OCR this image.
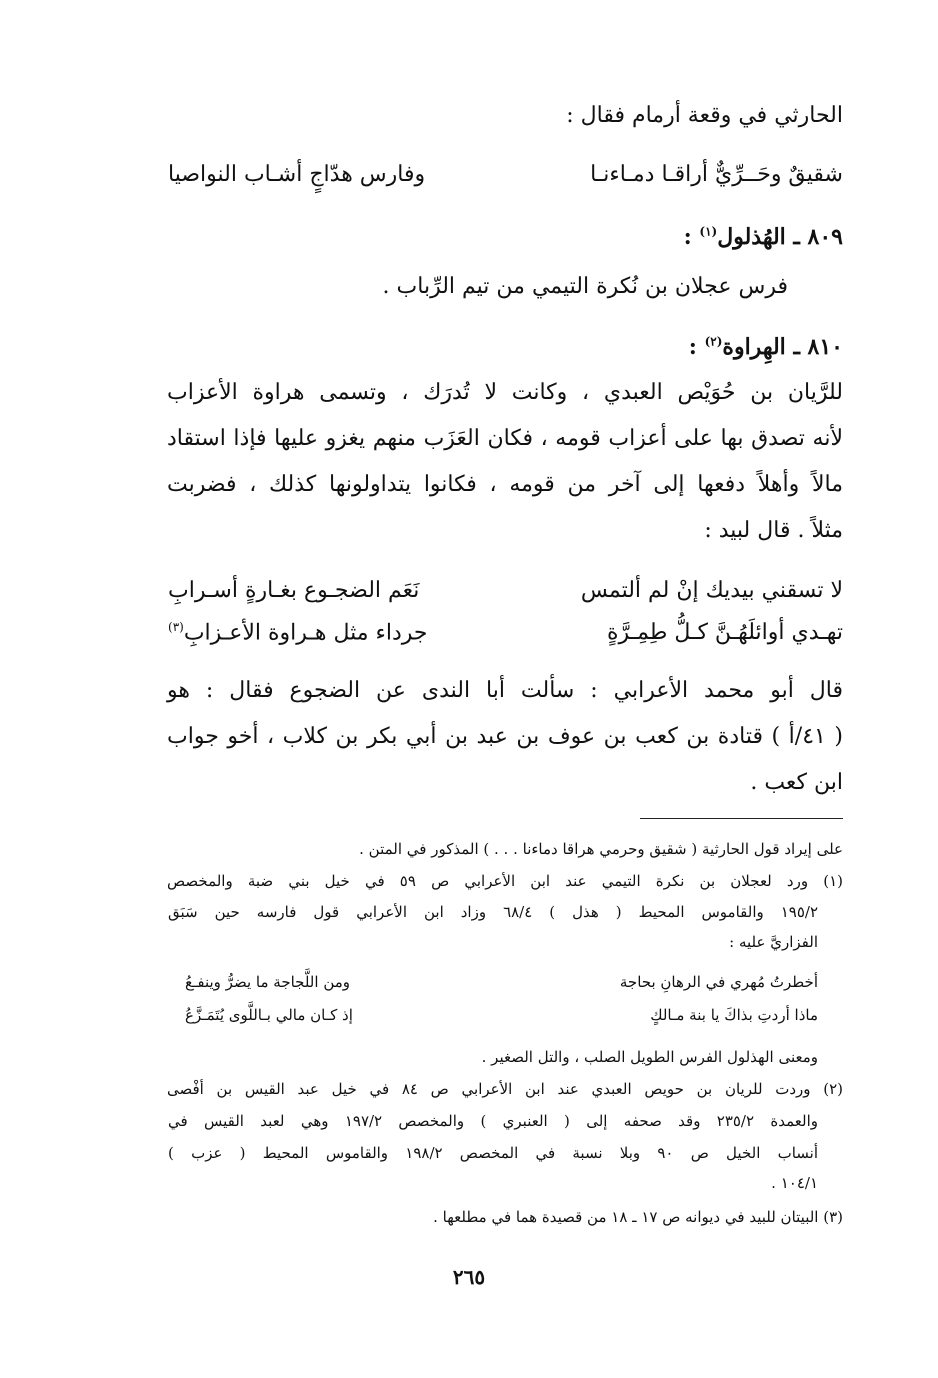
الحارثي في وقعة أرمام فقال :
شقيقٌ وحَــرِّيٌّ أراقـا دمـاءنـا
وفارس هدّاجٍ أشـاب النواصيا
٨٠٩ ـ الهُذلول$^{(١)}$ :
فرس عجلان بن نُكرة التيمي من تيم الرِّباب .
٨١٠ ـ الهِراوة$^{(٢)}$ :
للرَّيان بن حُوَيْص العبدي ، وكانت لا تُدرَك ، وتسمى هراوة الأعزاب
لأنه تصدق بها على أعزاب قومه ، فكان العَزَب منهم يغزو عليها فإذا استقاد
مالاً وأهلاً دفعها إلى آخر من قومه ، فكانوا يتداولونها كذلك ، فضربت
مثلاً . قال لبيد :
لا تسقني بيديك إنْ لم ألتمس
نَعَم الضجـوع بغـارةٍ أسـرابِ
تهـدي أوائلَهُـنَّ كـلُّ طِمِـرَّةٍ
جرداء مثل هـراوة الأعـزابِ$^{(٣)}$
قال أبو محمد الأعرابي : سألت أبا الندى عن الضجوع فقال : هو
( ٤١/أ ) قتادة بن كعب بن عوف بن عبد بن أبي بكر بن كلاب ، أخو جواب
ابن كعب .
على إيراد قول الحارثية ( شقيق وحرمي هراقا دماءنا . . . ) المذكور في المتن .
(١) ورد لعجلان بن نكرة التيمي عند ابن الأعرابي ص ٥٩ في خيل بني ضبة والمخصص
١٩٥/٢ والقاموس المحيط ( هذل ) ٦٨/٤ وزاد ابن الأعرابي قول فارسه حين سَبَق
الفزاريَّ عليه :
أخطرتُ مُهري في الرهانِ بحاجة
ومن اللَّجاجة ما يضرُّ وينفـعُ
ماذا أردتِ بذاكَ يا بنة مـالكٍ
إذ كـان مالي بـاللَّوى يُتَمَـزَّعُ
ومعنى الهذلول الفرس الطويل الصلب ، والتل الصغير .
(٢) وردت للريان بن حويص العبدي عند ابن الأعرابي ص ٨٤ في خيل عبد القيس بن أفْصى
والعمدة ٢٣٥/٢ وقد صحفه إلى ( العنبري ) والمخصص ١٩٧/٢ وهي لعبد القيس في
أنساب الخيل ص ٩٠ وبلا نسبة في المخصص ١٩٨/٢ والقاموس المحيط ( عزب )
١٠٤/١ .
(٣) البيتان للبيد في ديوانه ص ١٧ ـ ١٨ من قصيدة هما في مطلعها .
٢٦٥
